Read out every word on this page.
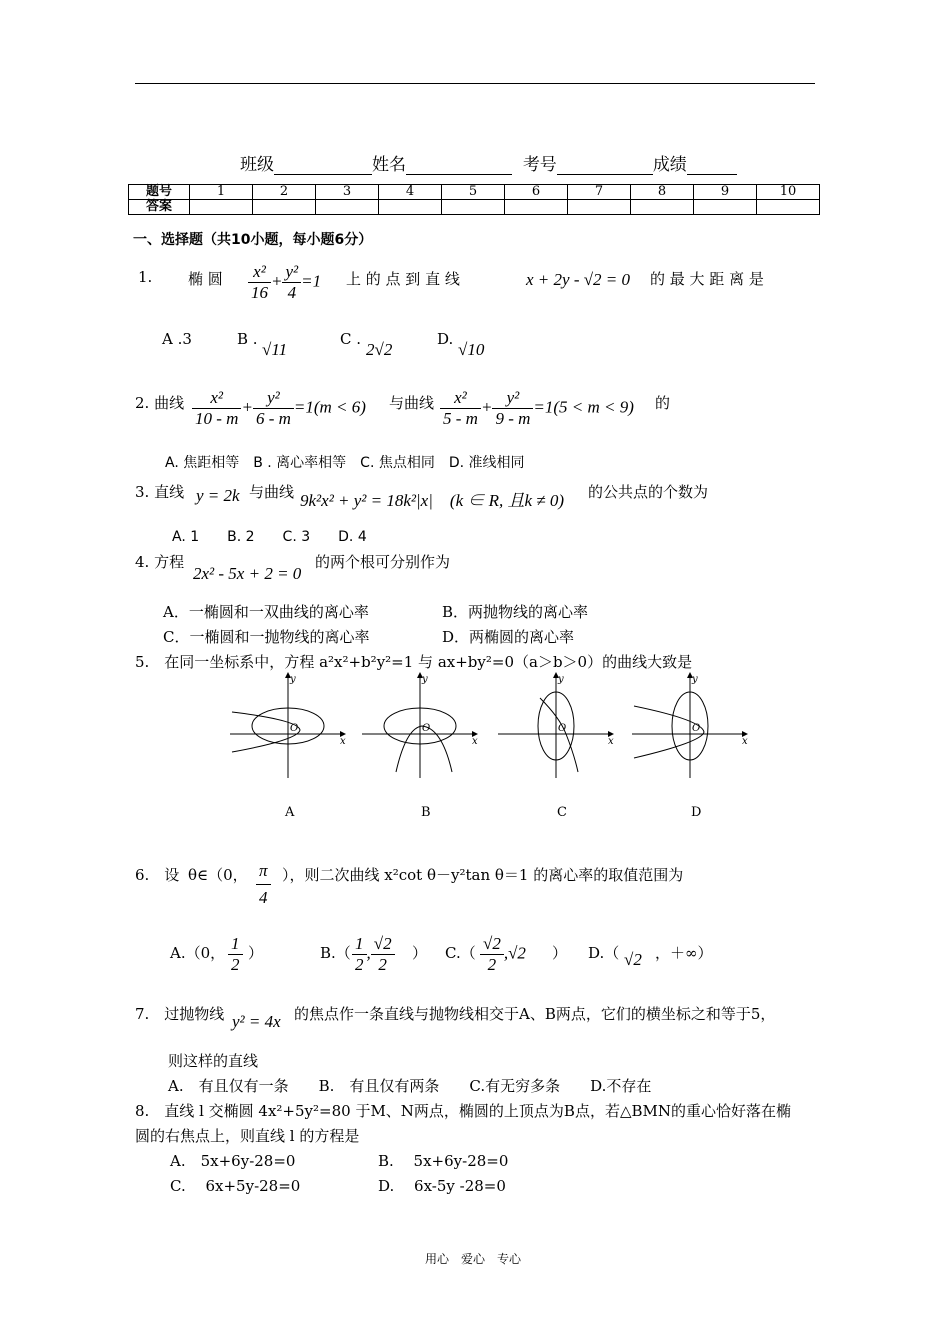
班级	姓名	考号	成绩
题号	1	2	3	4	5	6	7	8	9	10
答案										
一、选择题（共10小题，每小题6分）
1. 椭 圆 $\frac{\text{x²}}{16} + \frac{\text{y²}}{4} =1$ 上 的 点 到 直 线	x + 2y - √2 = 0 的 最 大 距 离 是
A .3	B .
√11
C .
2√2
D.
√10
2. 曲线 $\frac{\text{x²}}{10 - m} + \frac{\text{y²}}{6 - m} =1(m < 6)$ 与曲线 $\frac{\text{x²}}{5 - m} + \frac{\text{y²}}{9 - m} =1(5 < m < 9)$ 的
A. 焦距相等　B . 离心率相等　C. 焦点相同　D. 准线相同
3. 直线 y = 2k 与曲线 9k²x² + y² = 18k²|x|　(k ∈ R, 且k ≠ 0) 的公共点的个数为
A. 1　　B. 2　　C. 3　　D. 4
4. 方程
2x² - 5x + 2 = 0
的两个根可分别作为
A．一椭圆和一双曲线的离心率	B．两抛物线的离心率
C．一椭圆和一抛物线的离心率	D．两椭圆的离心率
5.　在同一坐标系中，方程 a²x²+b²y²=1 与 ax+by²=0（a＞b＞0）的曲线大致是
y
x
O
A
y
x
O
B
y
x
O
C
y
x
O
D
6.　设 θ∈（0， $\frac{\pi}{4}$ ），则二次曲线 x²cot θ－y²tan θ＝1 的离心率的取值范围为
A.（0， $\frac{1}{2}$ ）	$B.( \frac{1}{2}$ , $\frac{√2}{2}$ ） $C.( \frac{√2}{2} ,√2$ ） D.（ √2 ，＋∞）
7.　过抛物线 y² = 4x 的焦点作一条直线与抛物线相交于A、B两点，它们的横坐标之和等于5，
则这样的直线
A.　有且仅有一条　　B.　有且仅有两条　　C.有无穷多条　　D.不存在
8.　直线 l 交椭圆 4x²+5y²=80 于M、N两点，椭圆的上顶点为B点，若△BMN的重心恰好落在椭
圆的右焦点上，则直线 l 的方程是
A.　5x+6y-28=0	B.　 5x+6y-28=0
C.　 6x+5y-28=0	D.　 6x-5y -28=0
用心　爱心　专心
